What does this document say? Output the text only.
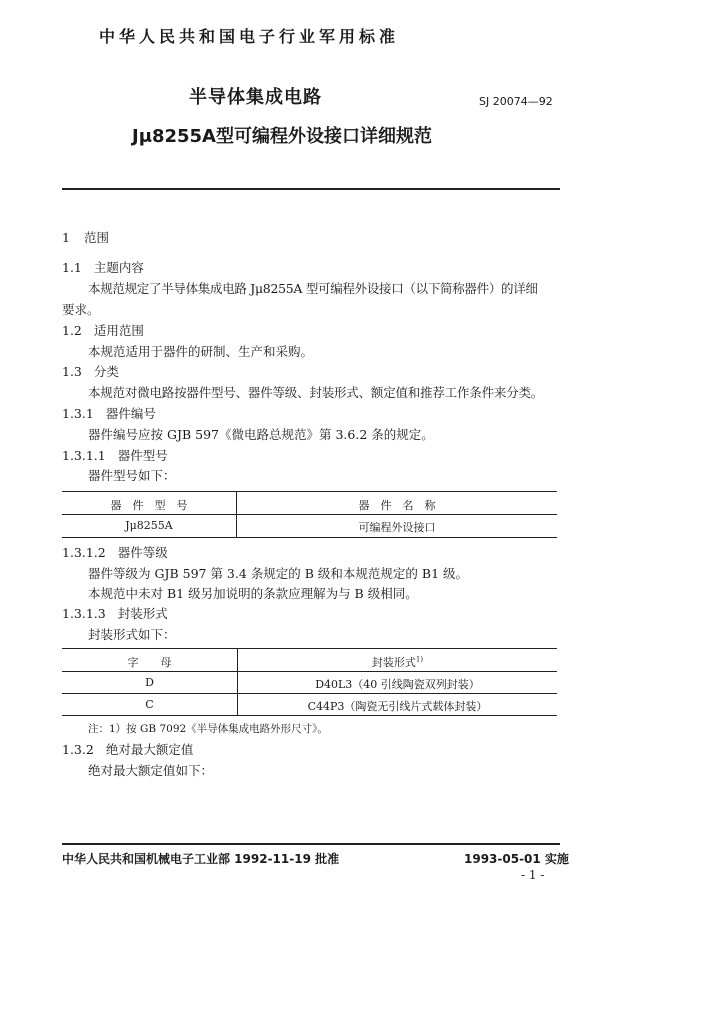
中华人民共和国电子行业军用标准
半导体集成电路	SJ 20074—92
Jμ8255A型可编程外设接口详细规范
1 范围
1.1 主题内容
本规范规定了半导体集成电路 Jμ8255A 型可编程外设接口（以下简称器件）的详细
要求。
1.2 适用范围
本规范适用于器件的研制、生产和采购。
1.3 分类
本规范对微电路按器件型号、器件等级、封装形式、额定值和推荐工作条件来分类。
1.3.1 器件编号
器件编号应按 GJB 597《微电路总规范》第 3.6.2 条的规定。
1.3.1.1 器件型号
器件型号如下：
器　件　型　号	器　件　名　称
Jμ8255A	可编程外设接口
1.3.1.2 器件等级
器件等级为 GJB 597 第 3.4 条规定的 B 级和本规范规定的 B1 级。
本规范中未对 B1 级另加说明的条款应理解为与 B 级相同。
1.3.1.3 封装形式
封装形式如下：
字　　母	封装形式$^{1)}$
D	D40L3（40 引线陶瓷双列封装）
C	C44P3（陶瓷无引线片式载体封装）
注：1）按 GB 7092《半导体集成电路外形尺寸》。
1.3.2 绝对最大额定值
绝对最大额定值如下：
中华人民共和国机械电子工业部 1992-11-19 批准	1993-05-01 实施
- 1 -
